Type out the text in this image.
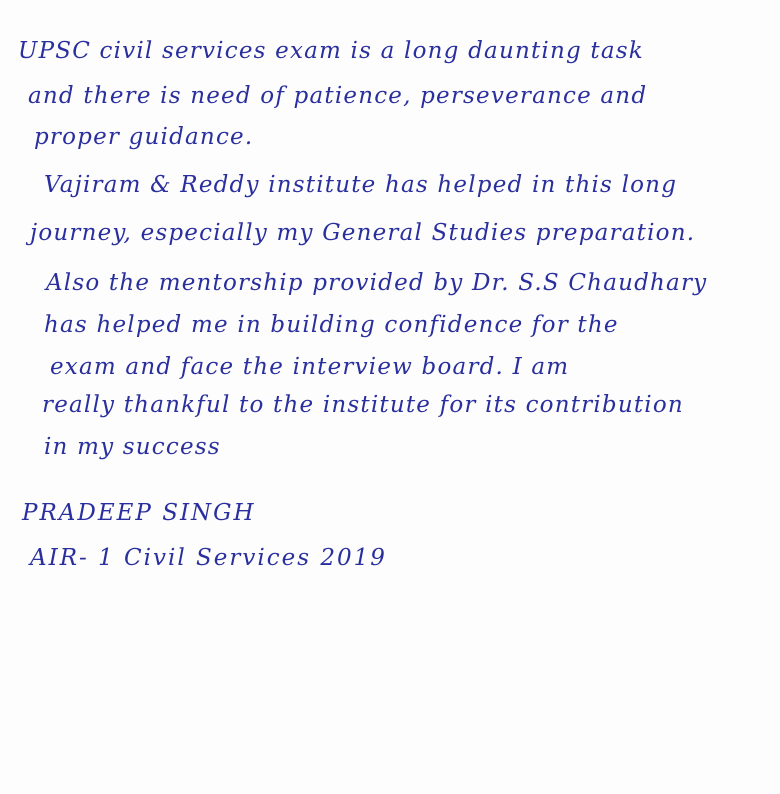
UPSC civil services exam is a long daunting task
and there is need of patience, perseverance and
proper guidance.
Vajiram & Reddy institute has helped in this long
journey, especially my General Studies preparation.
Also the mentorship provided by Dr. S.S Chaudhary
has helped me in building confidence for the
exam and face the interview board. I am
really thankful to the institute for its contribution
in my success
PRADEEP SINGH
AIR- 1 Civil Services 2019
